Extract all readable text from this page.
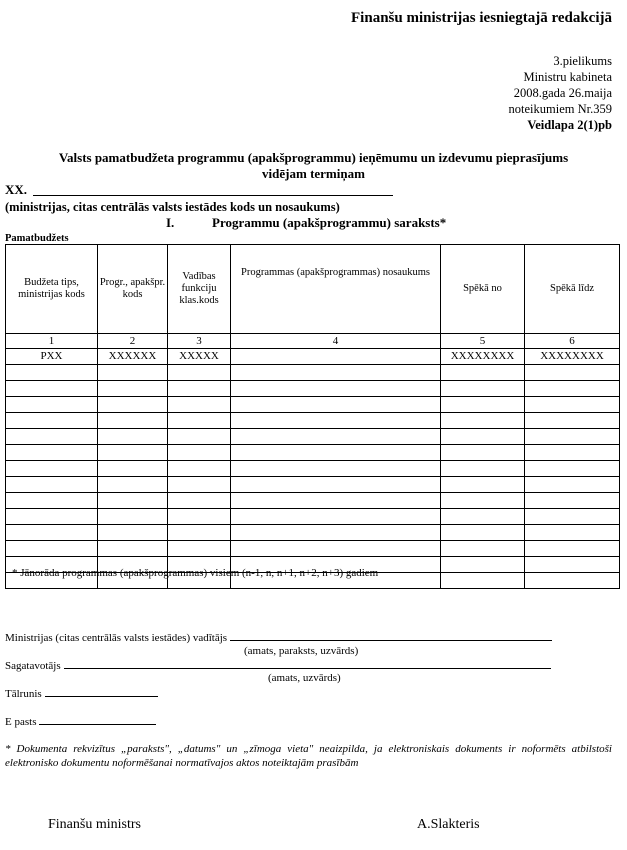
Finanšu ministrijas iesniegtajā redakcijā
3.pielikums
Ministru kabineta
2008.gada 26.maija
noteikumiem Nr.359
Veidlapa 2(1)pb
Valsts pamatbudžeta programmu (apakšprogrammu) ieņēmumu un izdevumu pieprasījums
vidējam termiņam
XX.
(ministrijas, citas centrālās valsts iestādes kods un nosaukums)
I.	Programmu (apakšprogrammu) saraksts*
Pamatbudžets
Budžeta tips, ministrijas kods	Progr., apakšpr. kods	Vadības funkciju klas.kods	Programmas (apakšprogrammas) nosaukums	Spēkā no	Spēkā līdz
1	2	3	4	5	6
PXX	XXXXXX	XXXXX		XXXXXXXX	XXXXXXXX

* Jānorāda programmas (apakšprogrammas) visiem (n-1, n, n+1, n+2, n+3) gadiem
Ministrijas (citas centrālās valsts iestādes) vadītājs
(amats, paraksts, uzvārds)
Sagatavotājs
(amats, uzvārds)
Tālrunis
E pasts
* Dokumenta rekvizītus „paraksts", „datums" un „zīmoga vieta" neaizpilda, ja elektroniskais dokuments ir noformēts atbilstoši elektronisko dokumentu noformēšanai normatīvajos aktos noteiktajām prasībām
Finanšu ministrs	A.Slakteris
